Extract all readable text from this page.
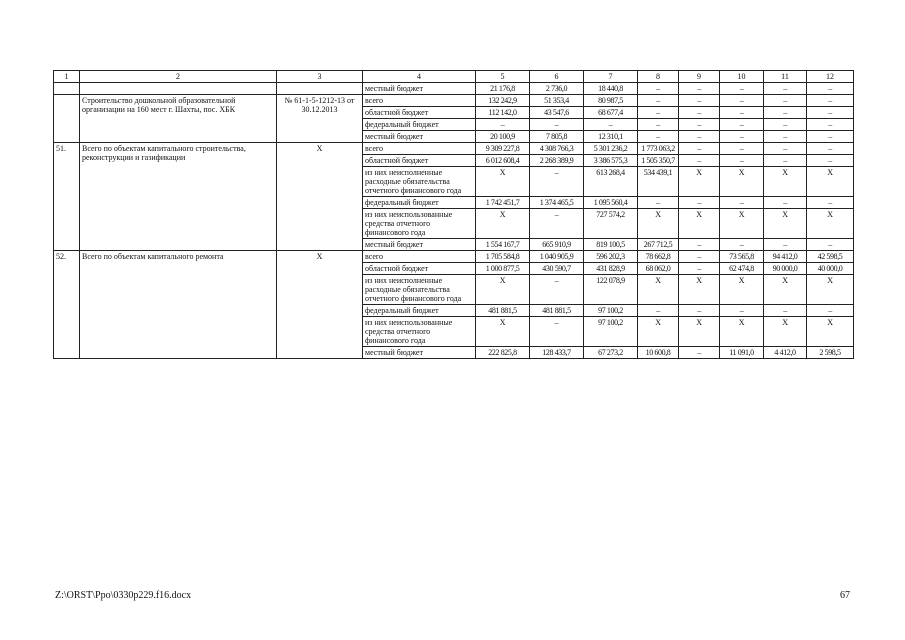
1	2	3	4	5	6	7	8	9	10	11	12
			местный бюджет	21 176,8	2 736,0	18 440,8	–	–	–	–	–
	Строительство дошкольной образовательной организации на 160 мест г. Шахты, пос. ХБК	№ 61-1-5-1212-13 от 30.12.2013	всего	132 242,9	51 353,4	80 987,5	–	–	–	–	–
			областной бюджет	112 142,0	43 547,6	68 677,4	–	–	–	–	–
			федеральный бюджет	–	–	–	–	–	–	–	–
			местный бюджет	20 100,9	7 805,8	12 310,1	–	–	–	–	–
51.	Всего по объектам капитального строительства, реконструкции и газификации	Х	всего	9 309 227,8	4 308 766,3	5 301 236,2	1 773 063,2	–	–	–	–
			областной бюджет	6 012 608,4	2 268 389,9	3 386 575,3	1 505 350,7	–	–	–	–
			из них неисполненные расходные обязательства отчетного финансового года	Х	–	613 268,4	534 439,1	Х	Х	Х	Х
			федеральный бюджет	1 742 451,7	1 374 465,5	1 095 560,4	–	–	–	–	–
			из них неиспользованные средства отчетного финансового года	Х	–	727 574,2	Х	Х	Х	Х	Х
			местный бюджет	1 554 167,7	665 910,9	819 100,5	267 712,5	–	–	–	–
52.	Всего по объектам капитального ремонта	Х	всего	1 705 584,8	1 040 905,9	596 202,3	78 662,8	–	73 565,8	94 412,0	42 598,5
			областной бюджет	1 000 877,5	430 590,7	431 828,9	68 062,0	–	62 474,8	90 000,0	40 000,0
			из них неисполненные расходные обязательства отчетного финансового года	Х	–	122 078,9	Х	Х	Х	Х	Х
			федеральный бюджет	481 881,5	481 881,5	97 100,2	–	–	–	–	–
			из них неиспользованные средства отчетного финансового года	Х	–	97 100,2	Х	Х	Х	Х	Х
			местный бюджет	222 825,8	128 433,7	67 273,2	10 600,8	–	11 091,0	4 412,0	2 598,5
Z:\ORST\Ppo\0330p229.f16.docx	67
